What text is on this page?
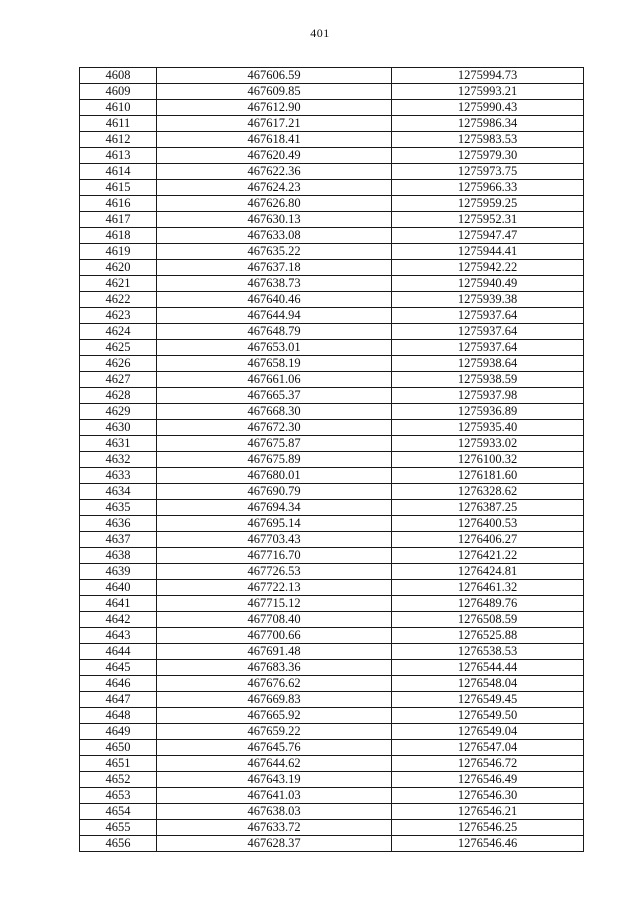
401
4608	467606.59	1275994.73
4609	467609.85	1275993.21
4610	467612.90	1275990.43
4611	467617.21	1275986.34
4612	467618.41	1275983.53
4613	467620.49	1275979.30
4614	467622.36	1275973.75
4615	467624.23	1275966.33
4616	467626.80	1275959.25
4617	467630.13	1275952.31
4618	467633.08	1275947.47
4619	467635.22	1275944.41
4620	467637.18	1275942.22
4621	467638.73	1275940.49
4622	467640.46	1275939.38
4623	467644.94	1275937.64
4624	467648.79	1275937.64
4625	467653.01	1275937.64
4626	467658.19	1275938.64
4627	467661.06	1275938.59
4628	467665.37	1275937.98
4629	467668.30	1275936.89
4630	467672.30	1275935.40
4631	467675.87	1275933.02
4632	467675.89	1276100.32
4633	467680.01	1276181.60
4634	467690.79	1276328.62
4635	467694.34	1276387.25
4636	467695.14	1276400.53
4637	467703.43	1276406.27
4638	467716.70	1276421.22
4639	467726.53	1276424.81
4640	467722.13	1276461.32
4641	467715.12	1276489.76
4642	467708.40	1276508.59
4643	467700.66	1276525.88
4644	467691.48	1276538.53
4645	467683.36	1276544.44
4646	467676.62	1276548.04
4647	467669.83	1276549.45
4648	467665.92	1276549.50
4649	467659.22	1276549.04
4650	467645.76	1276547.04
4651	467644.62	1276546.72
4652	467643.19	1276546.49
4653	467641.03	1276546.30
4654	467638.03	1276546.21
4655	467633.72	1276546.25
4656	467628.37	1276546.46
